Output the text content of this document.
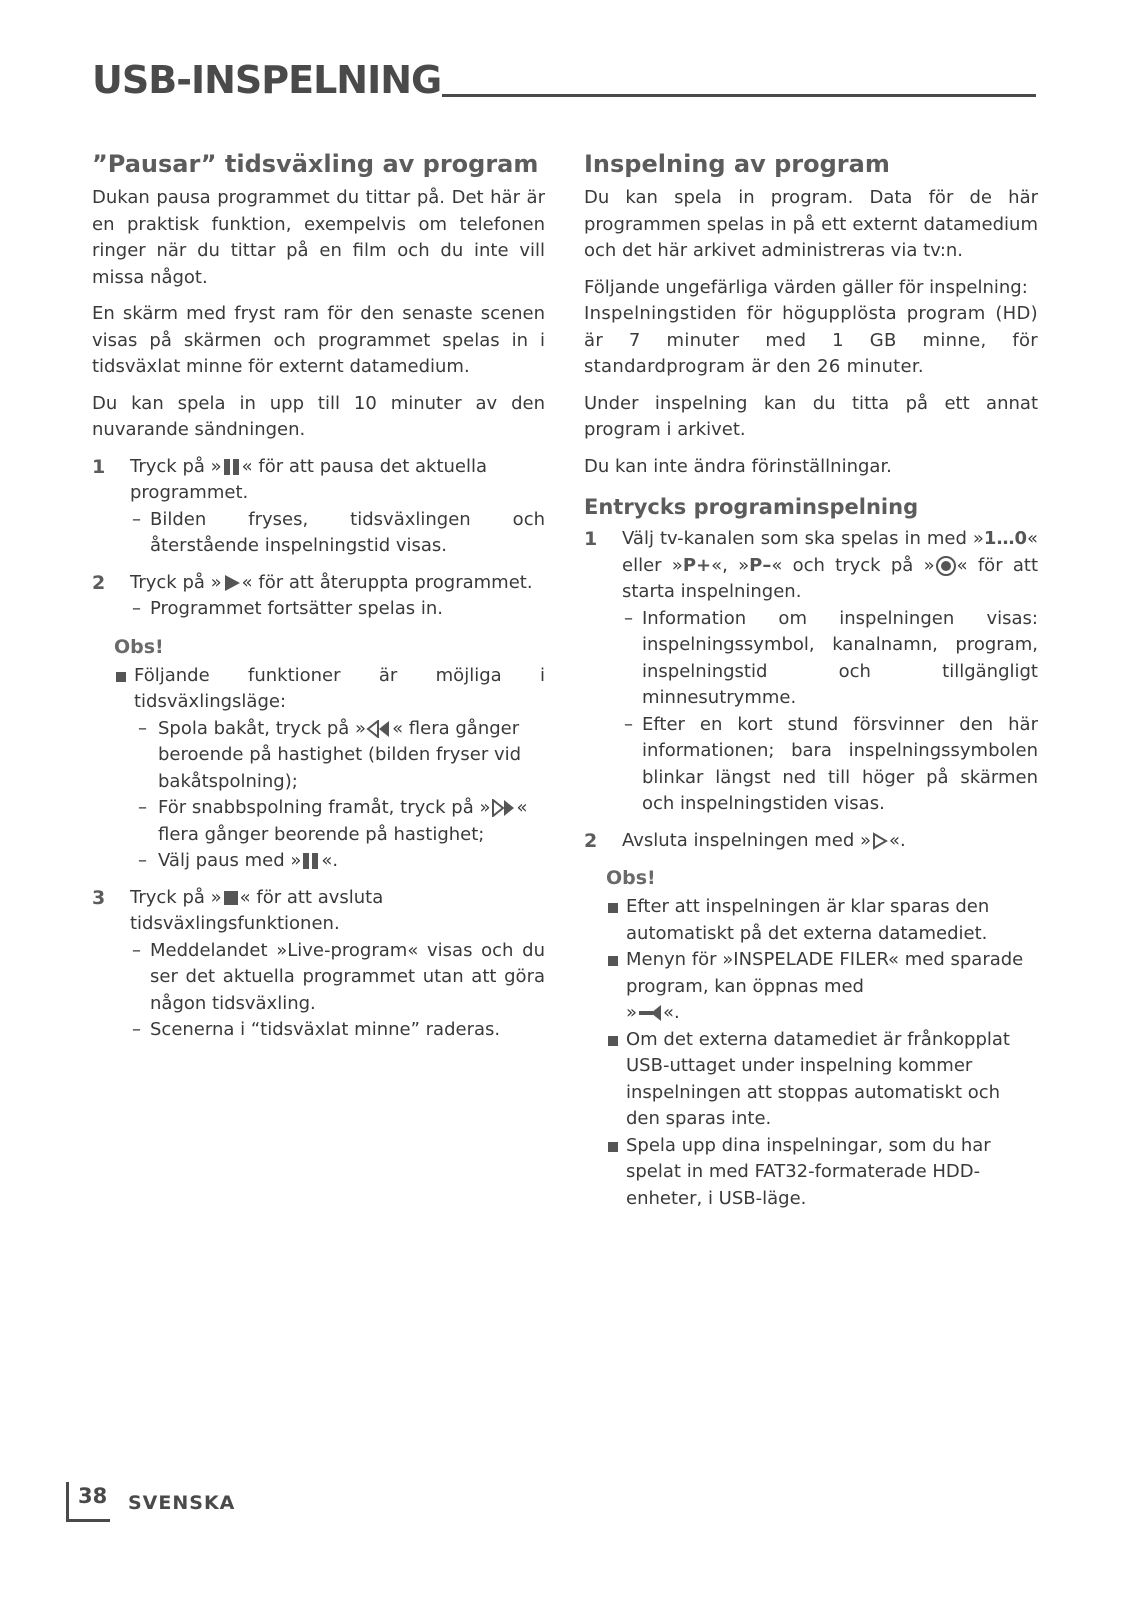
USB-INSPELNING
”Pausar” tidsväxling av program

Dukan pausa programmet du tittar på. Det här är en praktisk funktion, exempelvis om telefonen ringer när du tittar på en film och du inte vill missa något.

En skärm med fryst ram för den senaste scenen visas på skärmen och programmet spelas in i tidsväxlat minne för externt datamedium.

Du kan spela in upp till 10 minuter av den nuvarande sändningen.

1 Tryck på » « för att pausa det aktuella programmet.
– Bilden fryses, tidsväxlingen och återstående inspelningstid visas.
2 Tryck på » « för att återuppta programmet.
– Programmet fortsätter spelas in.
Obs!
Följande funktioner är möjliga i tidsväxlingsläge:
– Spola bakåt, tryck på » « flera gånger beroende på hastighet (bilden fryser vid bakåtspolning);
– För snabbspolning framåt, tryck på » « flera gånger beorende på hastighet;
– Välj paus med » «.
3 Tryck på » « för att avsluta tidsväxlingsfunktionen.
– Meddelandet »Live-program« visas och du ser det aktuella programmet utan att göra någon tidsväxling.
– Scenerna i “tidsväxlat minne” raderas.
Inspelning av program

Du kan spela in program. Data för de här programmen spelas in på ett externt datamedium och det här arkivet administreras via tv:n.

Följande ungefärliga värden gäller för inspelning:

Inspelningstiden för högupplösta program (HD) är 7 minuter med 1 GB minne, för standardprogram är den 26 minuter.

Under inspelning kan du titta på ett annat program i arkivet.

Du kan inte ändra förinställningar.

Entrycks programinspelning
1 Välj tv-kanalen som ska spelas in med »1…0« eller »P+«, »P–« och tryck på » « för att starta inspelningen.
– Information om inspelningen visas: inspelningssymbol, kanalnamn, program, inspelningstid och tillgängligt minnesutrymme.
– Efter en kort stund försvinner den här informationen; bara inspelningssymbolen blinkar längst ned till höger på skärmen och inspelningstiden visas.
2 Avsluta inspelningen med » «.
Obs!
Efter att inspelningen är klar sparas den automatiskt på det externa datamediet.
Menyn för »INSPELADE FILER« med sparade program, kan öppnas med
» «.
Om det externa datamediet är frånkopplat USB-uttaget under inspelning kommer inspelningen att stoppas automatiskt och den sparas inte.
Spela upp dina inspelningar, som du har spelat in med FAT32-formaterade HDD-enheter, i USB-läge.
38 SVENSKA
